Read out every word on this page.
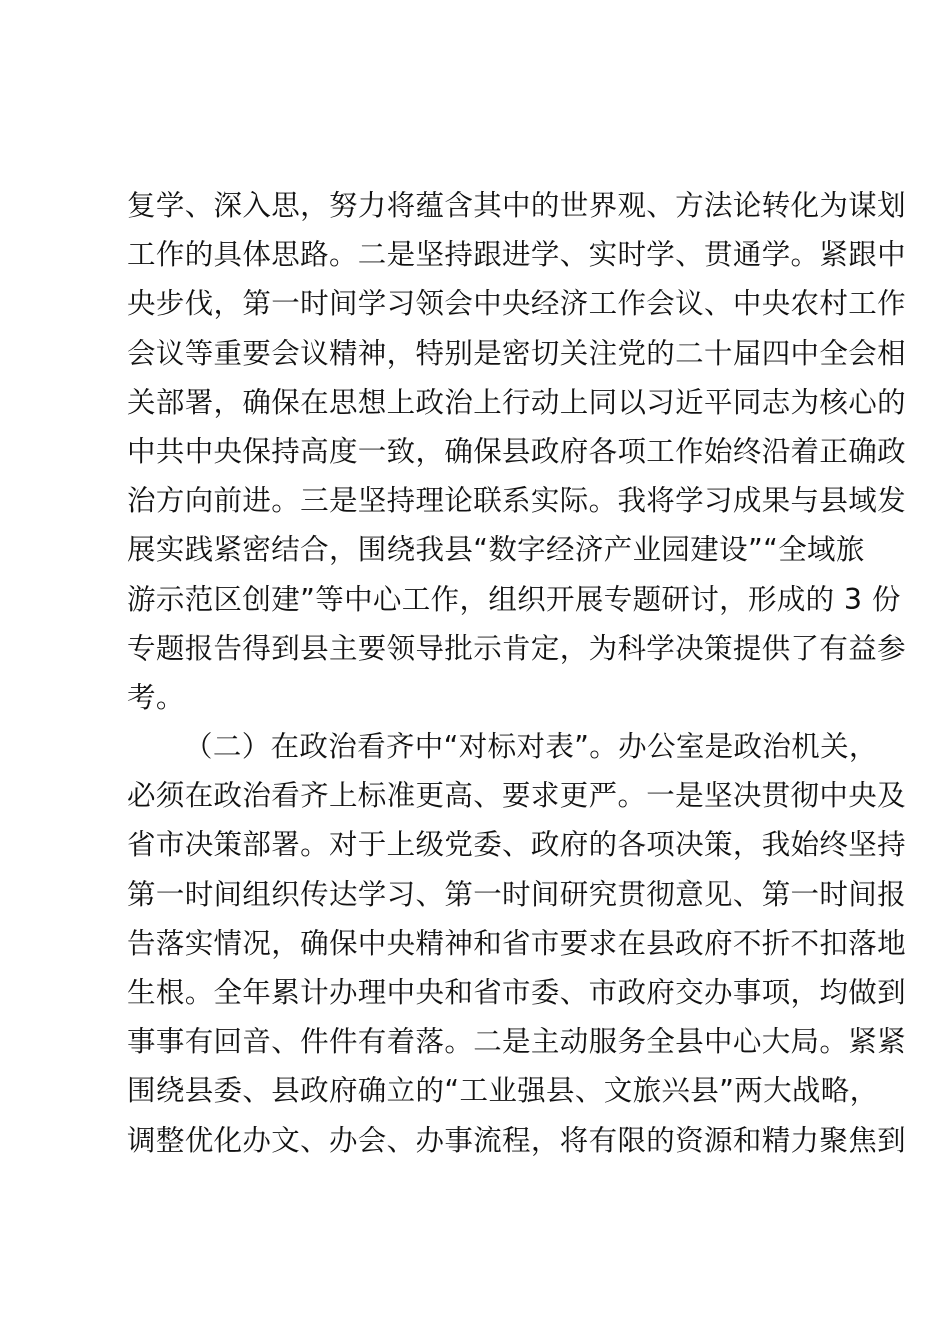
复学、深入思，努力将蕴含其中的世界观、方法论转化为谋划
工作的具体思路。二是坚持跟进学、实时学、贯通学。紧跟中
央步伐，第一时间学习领会中央经济工作会议、中央农村工作
会议等重要会议精神，特别是密切关注党的二十届四中全会相
关部署，确保在思想上政治上行动上同以习近平同志为核心的
中共中央保持高度一致，确保县政府各项工作始终沿着正确政
治方向前进。三是坚持理论联系实际。我将学习成果与县域发
展实践紧密结合，围绕我县“数字经济产业园建设”“全域旅
游示范区创建”等中心工作，组织开展专题研讨，形成的 3 份
专题报告得到县主要领导批示肯定，为科学决策提供了有益参
考。
（二）在政治看齐中“对标对表”。办公室是政治机关，
必须在政治看齐上标准更高、要求更严。一是坚决贯彻中央及
省市决策部署。对于上级党委、政府的各项决策，我始终坚持
第一时间组织传达学习、第一时间研究贯彻意见、第一时间报
告落实情况，确保中央精神和省市要求在县政府不折不扣落地
生根。全年累计办理中央和省市委、市政府交办事项，均做到
事事有回音、件件有着落。二是主动服务全县中心大局。紧紧
围绕县委、县政府确立的“工业强县、文旅兴县”两大战略，
调整优化办文、办会、办事流程，将有限的资源和精力聚焦到
